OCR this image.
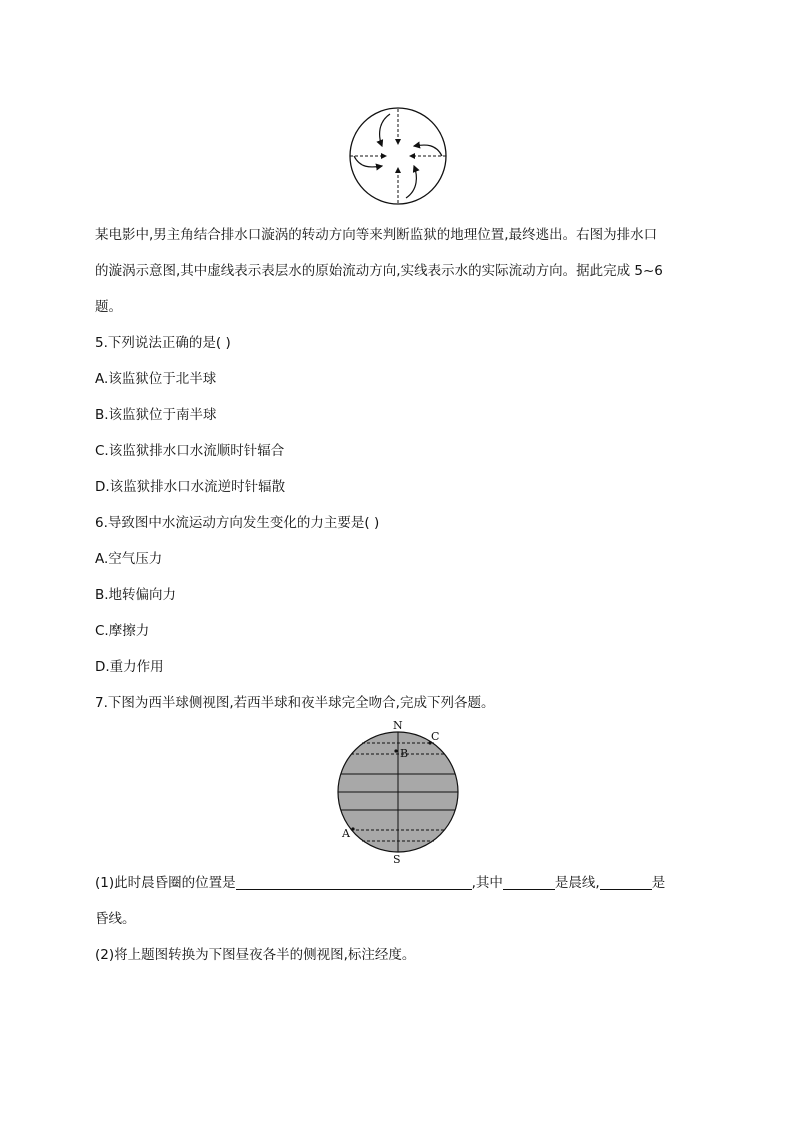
某电影中,男主角结合排水口漩涡的转动方向等来判断监狱的地理位置,最终逃出。右图为排水口
的漩涡示意图,其中虚线表示表层水的原始流动方向,实线表示水的实际流动方向。据此完成 5~6
题。
5.下列说法正确的是( )
A.该监狱位于北半球
B.该监狱位于南半球
C.该监狱排水口水流顺时针辐合
D.该监狱排水口水流逆时针辐散
6.导致图中水流运动方向发生变化的力主要是( )
A.空气压力
B.地转偏向力
C.摩擦力
D.重力作用
7.下图为西半球侧视图,若西半球和夜半球完全吻合,完成下列各题。
N
S
A
B
C
(1)此时晨昏圈的位置是	,其中	是晨线,	是
昏线。
(2)将上题图转换为下图昼夜各半的侧视图,标注经度。
